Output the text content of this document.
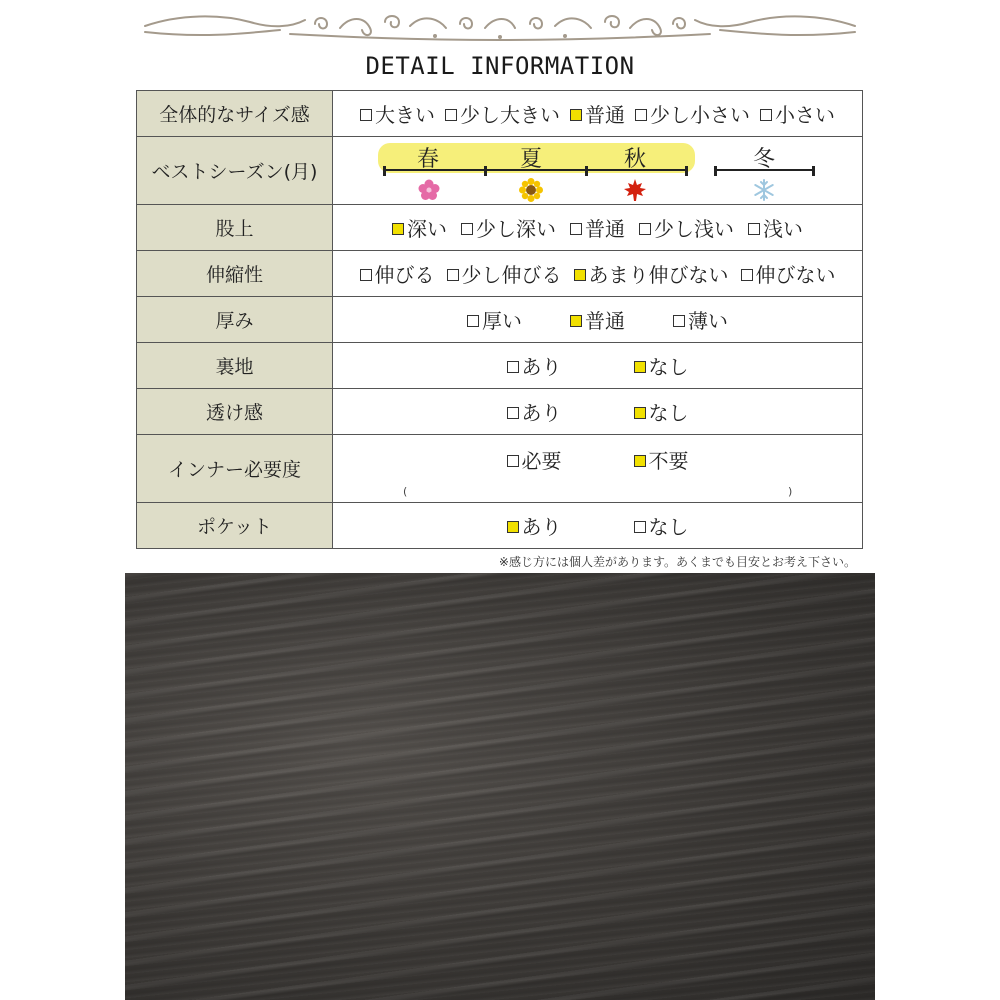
DETAIL INFORMATION
全体的なサイズ感	大きい 少し大きい 普通 少し小さい 小さい

ベストシーズン(月)	春 夏 秋 冬

股上	深い 少し深い 普通 少し浅い 浅い

伸縮性	伸びる 少し伸びる あまり伸びない 伸びない

厚み	厚い 普通 薄い

裏地	あり なし

透け感	あり なし

インナー必要度	必要 不要
( )

ポケット	あり なし
※感じ方には個人差があります。あくまでも目安とお考え下さい。
